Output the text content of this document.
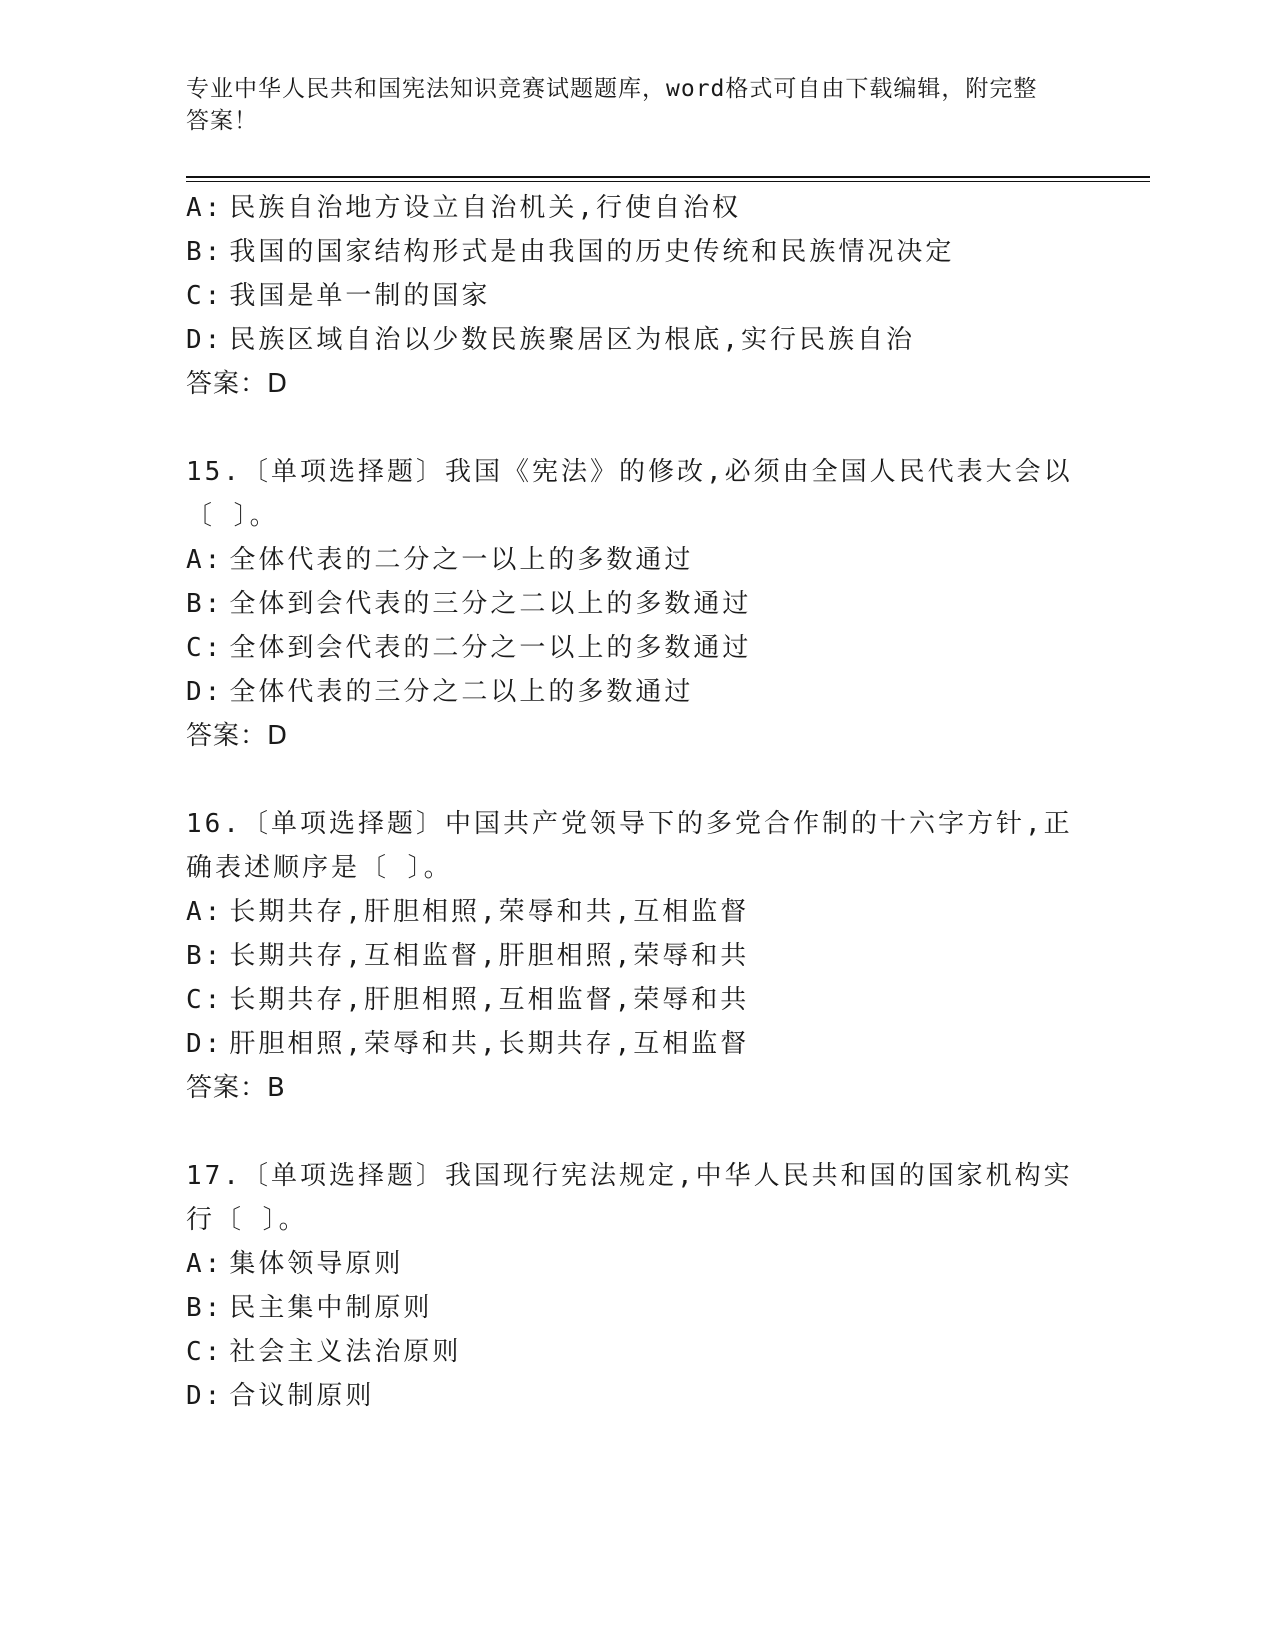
专业中华人民共和国宪法知识竞赛试题题库，word格式可自由下载编辑，附完整
答案！
A: 民族自治地方设立自治机关,行使自治权
B: 我国的国家结构形式是由我国的历史传统和民族情况决定
C: 我国是单一制的国家
D: 民族区域自治以少数民族聚居区为根底,实行民族自治
答案：D
15.〔单项选择题〕我国《宪法》的修改,必须由全国人民代表大会以
〔 〕。
A: 全体代表的二分之一以上的多数通过
B: 全体到会代表的三分之二以上的多数通过
C: 全体到会代表的二分之一以上的多数通过
D: 全体代表的三分之二以上的多数通过
答案：D
16.〔单项选择题〕中国共产党领导下的多党合作制的十六字方针,正
确表述顺序是〔 〕。
A: 长期共存,肝胆相照,荣辱和共,互相监督
B: 长期共存,互相监督,肝胆相照,荣辱和共
C: 长期共存,肝胆相照,互相监督,荣辱和共
D: 肝胆相照,荣辱和共,长期共存,互相监督
答案：B
17.〔单项选择题〕我国现行宪法规定,中华人民共和国的国家机构实
行〔 〕。
A: 集体领导原则
B: 民主集中制原则
C: 社会主义法治原则
D: 合议制原则
